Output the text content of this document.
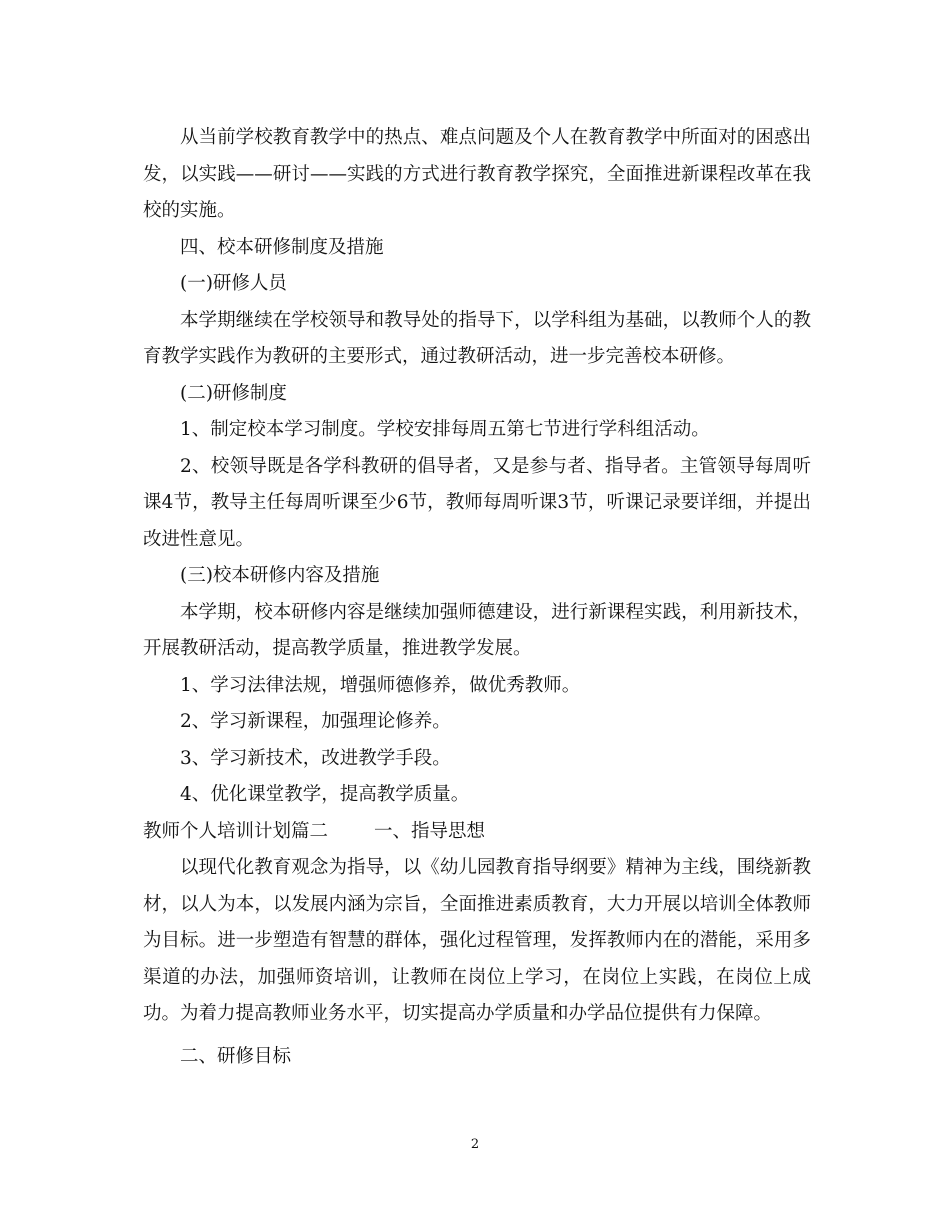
从当前学校教育教学中的热点、难点问题及个人在教育教学中所面对的困惑出发，以实践——研讨——实践的方式进行教育教学探究，全面推进新课程改革在我校的实施。

四、校本研修制度及措施

(一)研修人员

本学期继续在学校领导和教导处的指导下，以学科组为基础，以教师个人的教育教学实践作为教研的主要形式，通过教研活动，进一步完善校本研修。

(二)研修制度

1、制定校本学习制度。学校安排每周五第七节进行学科组活动。

2、校领导既是各学科教研的倡导者，又是参与者、指导者。主管领导每周听课4节，教导主任每周听课至少6节，教师每周听课3节，听课记录要详细，并提出改进性意见。

(三)校本研修内容及措施

本学期，校本研修内容是继续加强师德建设，进行新课程实践，利用新技术，开展教研活动，提高教学质量，推进教学发展。

1、学习法律法规，增强师德修养，做优秀教师。

2、学习新课程，加强理论修养。

3、学习新技术，改进教学手段。

4、优化课堂教学，提高教学质量。

教师个人培训计划篇二 一、指导思想

以现代化教育观念为指导，以《幼儿园教育指导纲要》精神为主线，围绕新教材，以人为本，以发展内涵为宗旨，全面推进素质教育，大力开展以培训全体教师为目标。进一步塑造有智慧的群体，强化过程管理，发挥教师内在的潜能，采用多渠道的办法，加强师资培训，让教师在岗位上学习，在岗位上实践，在岗位上成功。为着力提高教师业务水平，切实提高办学质量和办学品位提供有力保障。

二、研修目标

2
